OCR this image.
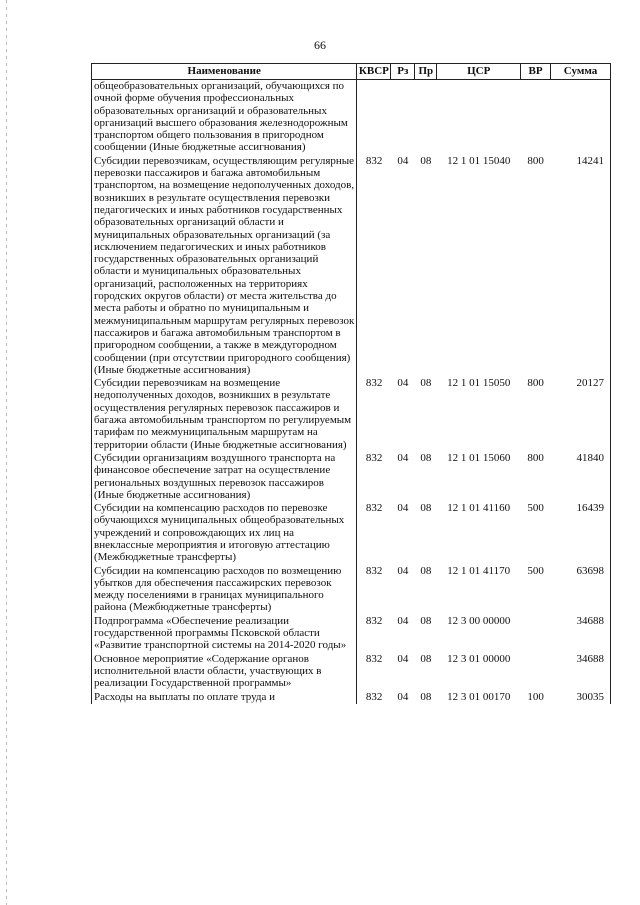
66
Наименование	КВСР	Рз	Пр	ЦСР	ВР	Сумма
общеобразовательных организаций, обучающихся по очной форме обучения профессиональных образовательных организаций и образовательных организаций высшего образования железнодорожным транспортом общего пользования в пригородном сообщении (Иные бюджетные ассигнования)						
Субсидии перевозчикам, осуществляющим регулярные перевозки пассажиров и багажа автомобильным транспортом, на возмещение недополученных доходов, возникших в результате осуществления перевозки педагогических и иных работников государственных образовательных организаций области и муниципальных образовательных организаций (за исключением педагогических и иных работников государственных образовательных организаций области и муниципальных образовательных организаций, расположенных на территориях городских округов области) от места жительства до места работы и обратно по муниципальным и межмуниципальным маршрутам регулярных перевозок пассажиров и багажа автомобильным транспортом в пригородном сообщении, а также в междугородном сообщении (при отсутствии пригородного сообщения) (Иные бюджетные ассигнования)	832	04	08	12 1 01 15040	800	14241
Субсидии перевозчикам на возмещение недополученных доходов, возникших в результате осуществления регулярных перевозок пассажиров и багажа автомобильным транспортом по регулируемым тарифам по межмуниципальным маршрутам на территории области (Иные бюджетные ассигнования)	832	04	08	12 1 01 15050	800	20127
Субсидии организациям воздушного транспорта на финансовое обеспечение затрат на осуществление региональных воздушных перевозок пассажиров (Иные бюджетные ассигнования)	832	04	08	12 1 01 15060	800	41840
Субсидии на компенсацию расходов по перевозке обучающихся муниципальных общеобразовательных учреждений и сопровождающих их лиц на внеклассные мероприятия и итоговую аттестацию (Межбюджетные трансферты)	832	04	08	12 1 01 41160	500	16439
Субсидии на компенсацию расходов по возмещению убытков для обеспечения пассажирских перевозок между поселениями в границах муниципального района (Межбюджетные трансферты)	832	04	08	12 1 01 41170	500	63698
Подпрограмма «Обеспечение реализации государственной программы Псковской области «Развитие транспортной системы на 2014-2020 годы»	832	04	08	12 3 00 00000		34688
Основное мероприятие «Содержание органов исполнительной власти области, участвующих в реализации Государственной программы»	832	04	08	12 3 01 00000		34688
Расходы на выплаты по оплате труда и	832	04	08	12 3 01 00170	100	30035
